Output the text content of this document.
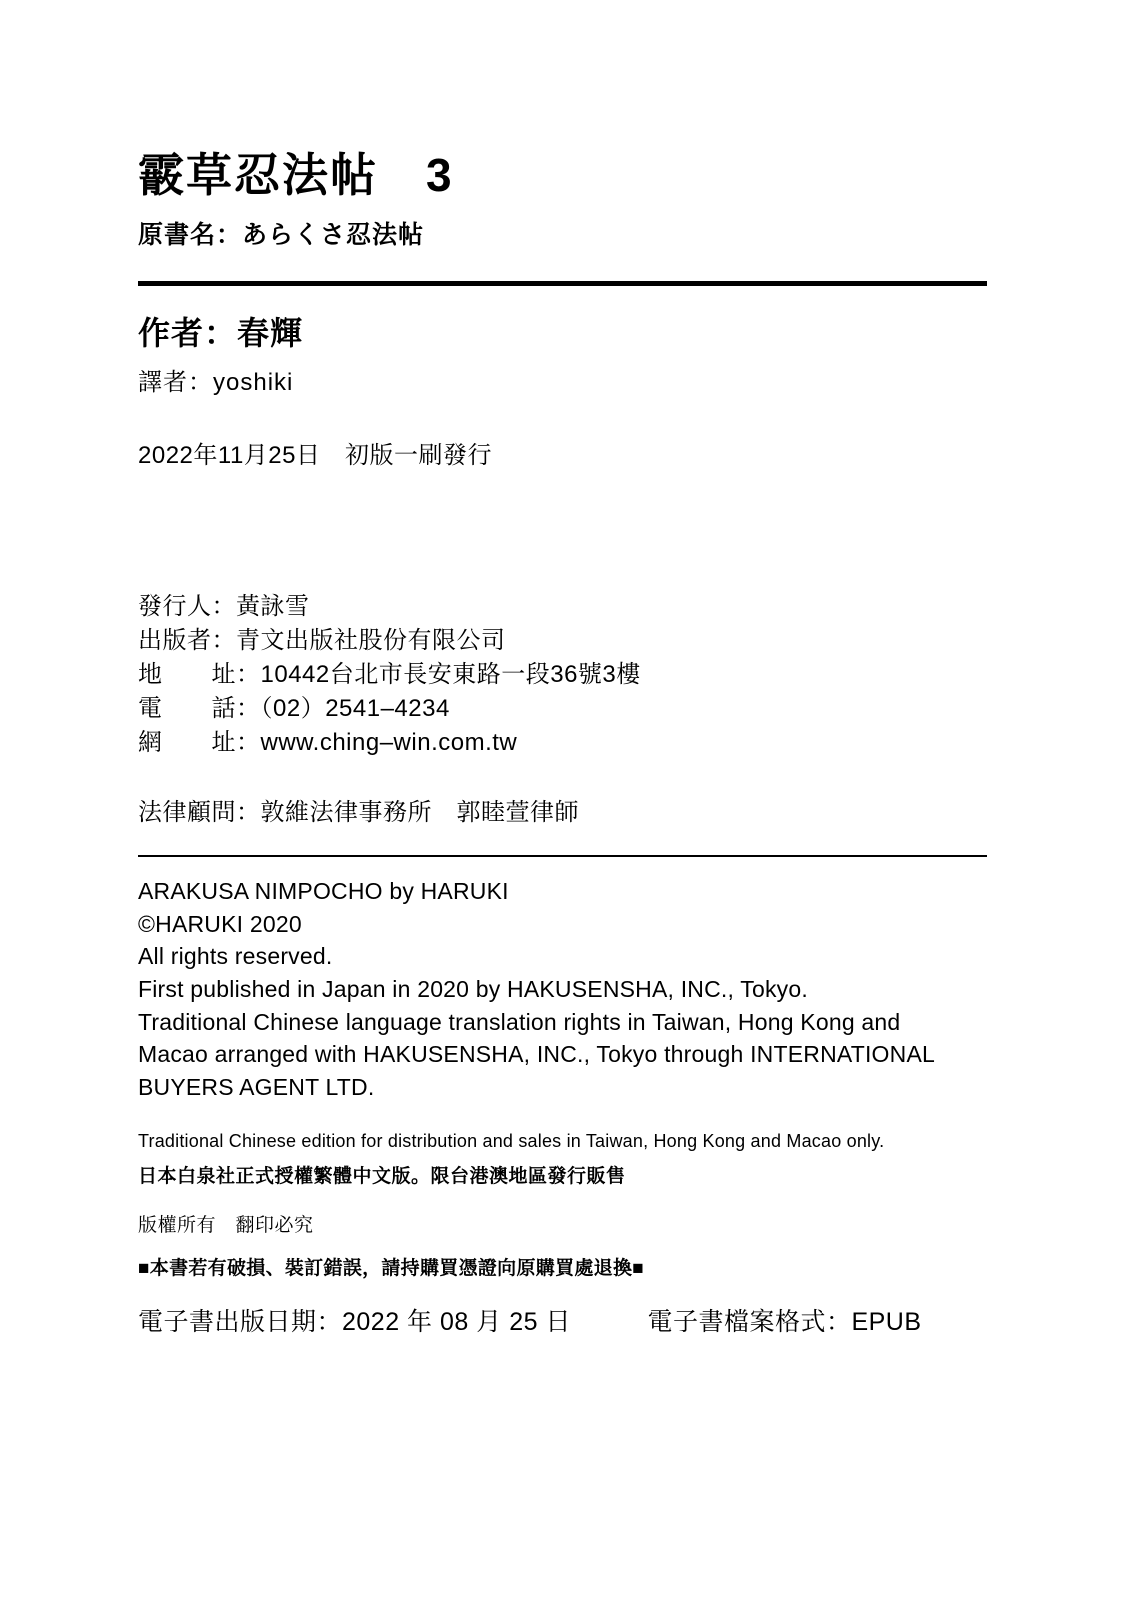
霰草忍法帖　3
原書名：あらくさ忍法帖
作者：春輝
譯者：yoshiki
2022年11月25日　初版一刷發行
發行人：黃詠雪
出版者：青文出版社股份有限公司
地　　址：10442台北市長安東路一段36號3樓
電　　話：（02）2541–4234
網　　址：www.ching–win.com.tw
法律顧問：敦維法律事務所　郭睦萱律師
ARAKUSA NIMPOCHO by HARUKI
©HARUKI 2020
All rights reserved.
First published in Japan in 2020 by HAKUSENSHA, INC., Tokyo.
Traditional Chinese language translation rights in Taiwan, Hong Kong and
Macao arranged with HAKUSENSHA, INC., Tokyo through INTERNATIONAL
BUYERS AGENT LTD.
Traditional Chinese edition for distribution and sales in Taiwan, Hong Kong and Macao only.
日本白泉社正式授權繁體中文版。限台港澳地區發行販售
版權所有　翻印必究
■本書若有破損、裝訂錯誤，請持購買憑證向原購買處退換■
電子書出版日期：2022 年 08 月 25 日　　　電子書檔案格式：EPUB
